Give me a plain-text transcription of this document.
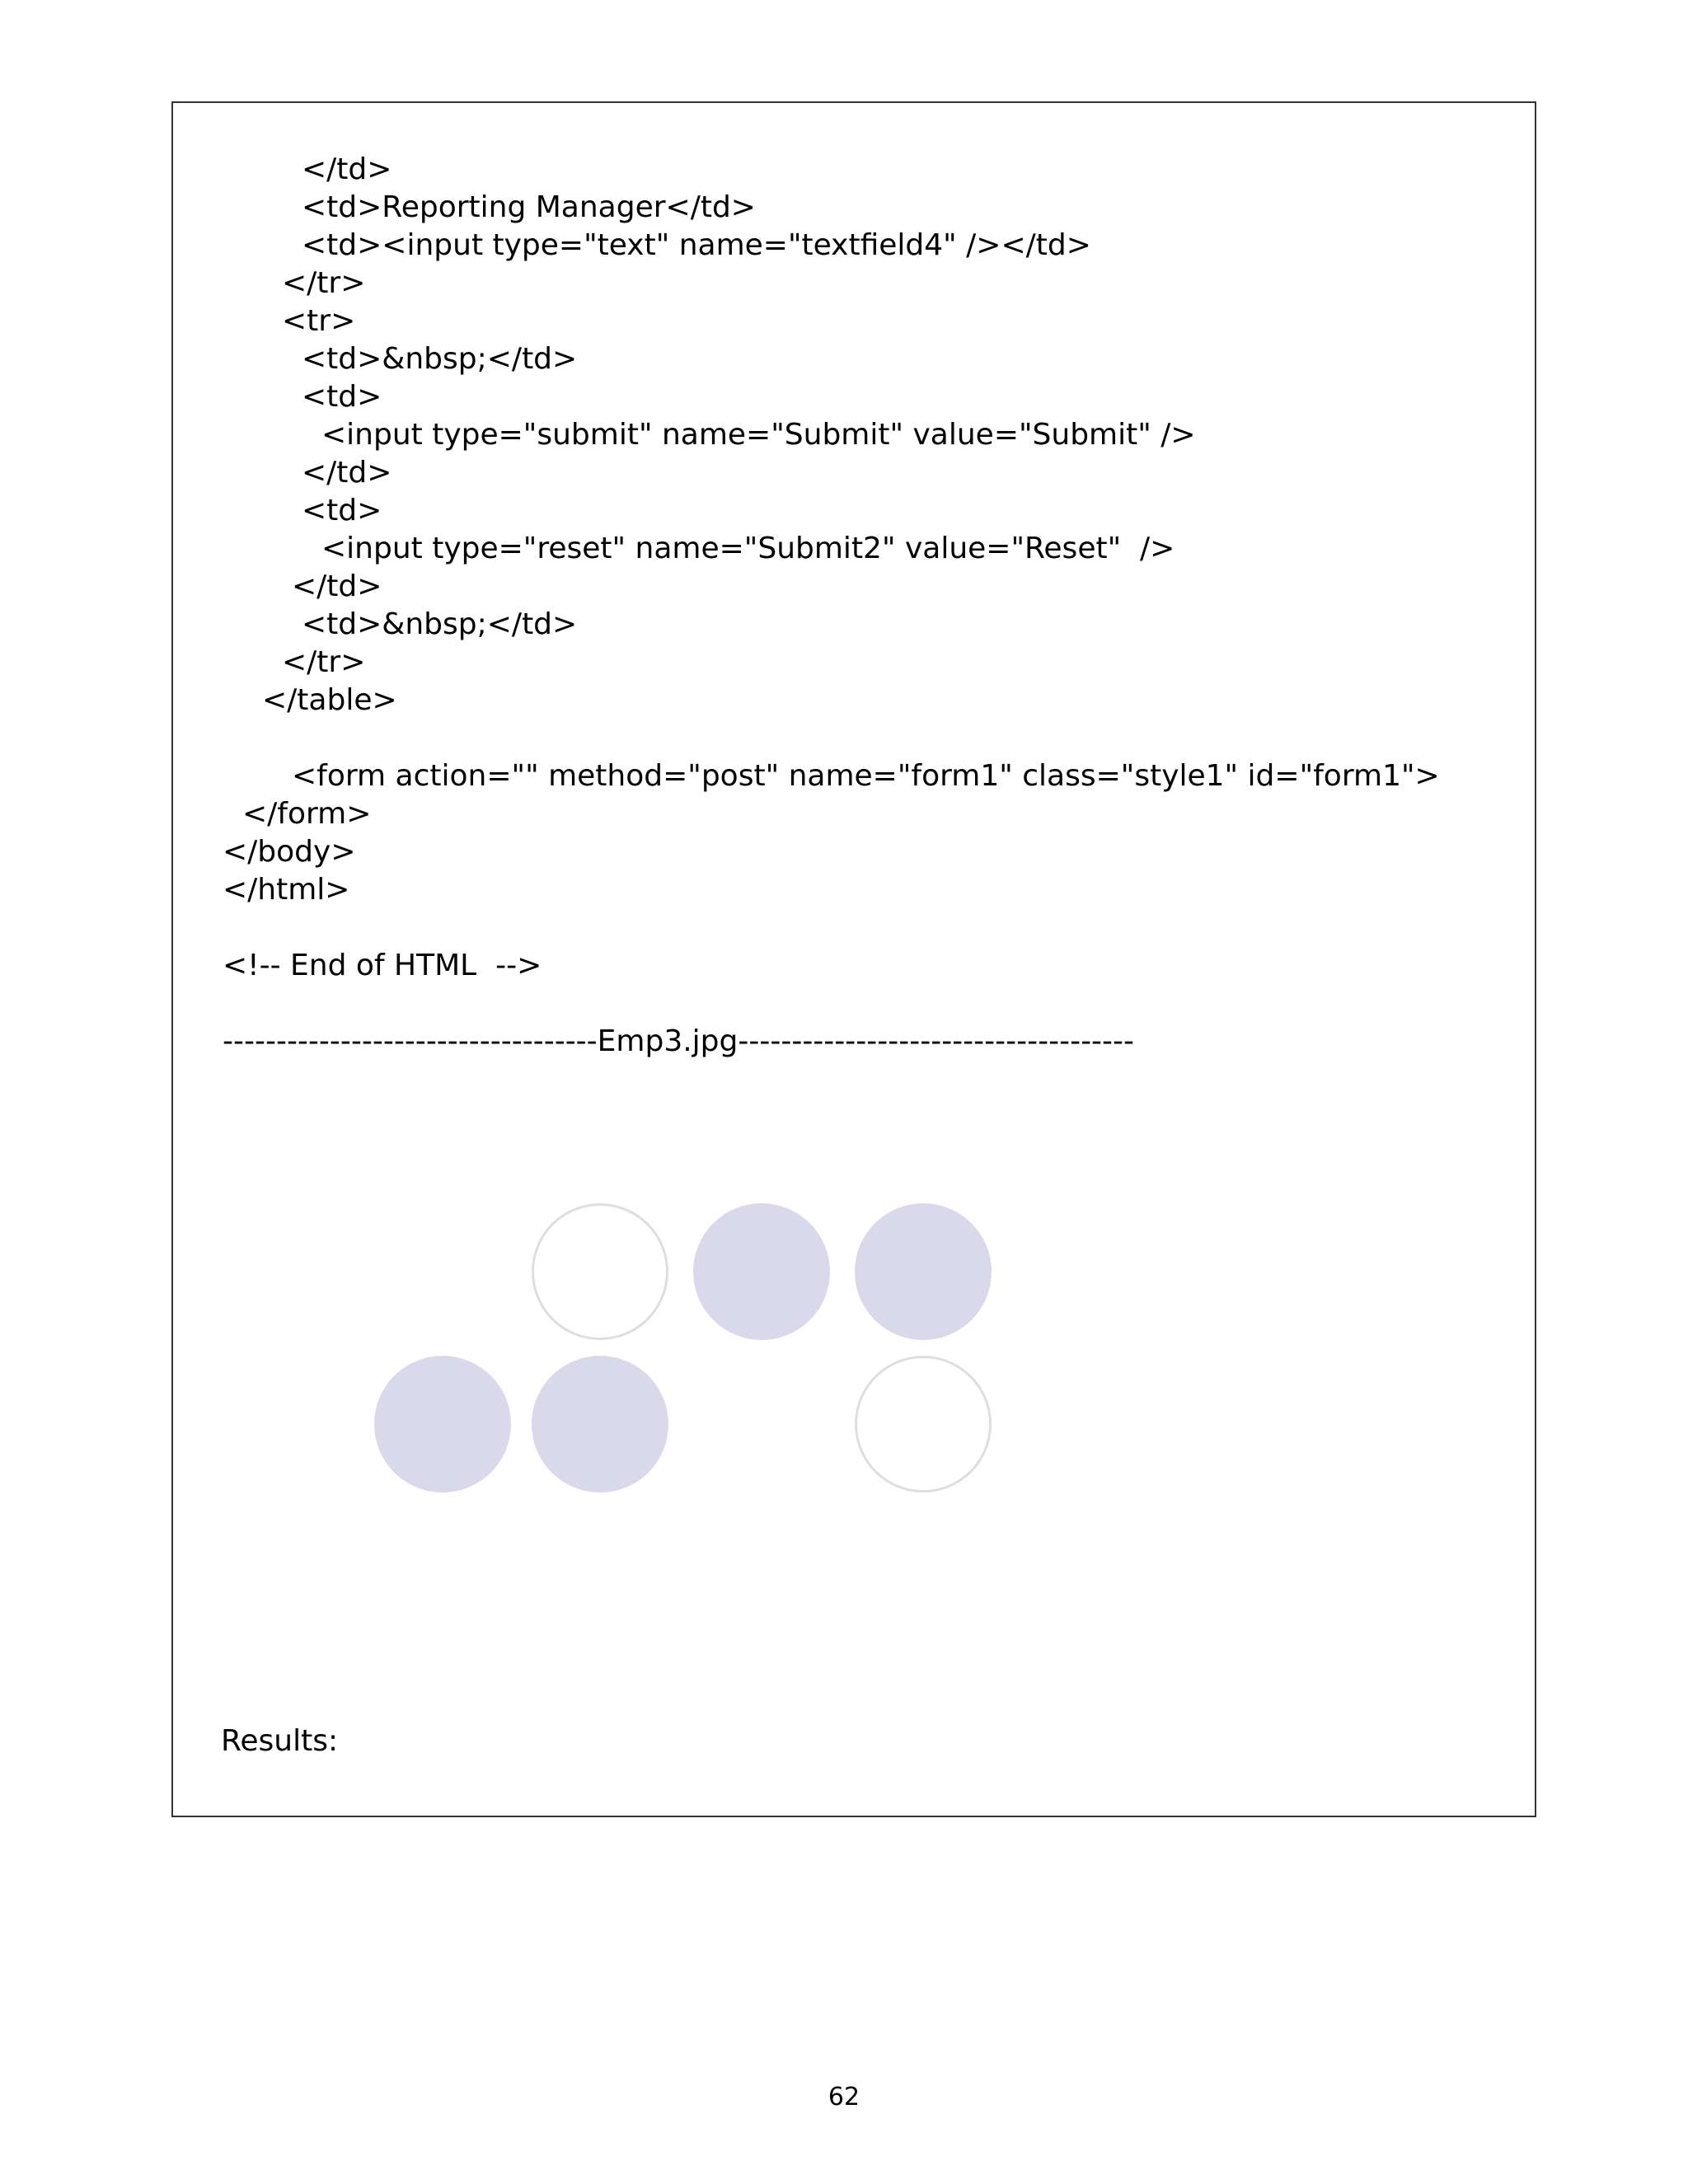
</td>
<td>Reporting Manager</td>
<td><input type="text" name="textfield4" /></td>
</tr>
<tr>
<td>&nbsp;</td>
<td>
<input type="submit" name="Submit" value="Submit" />
</td>
<td>
<input type="reset" name="Submit2" value="Reset"  />
</td>
<td>&nbsp;</td>
</tr>
</table>
<form action="" method="post" name="form1" class="style1" id="form1">
</form>
</body>
</html>
<!-- End of HTML  -->
-----------------------------------Emp3.jpg-------------------------------------
Results:
62
